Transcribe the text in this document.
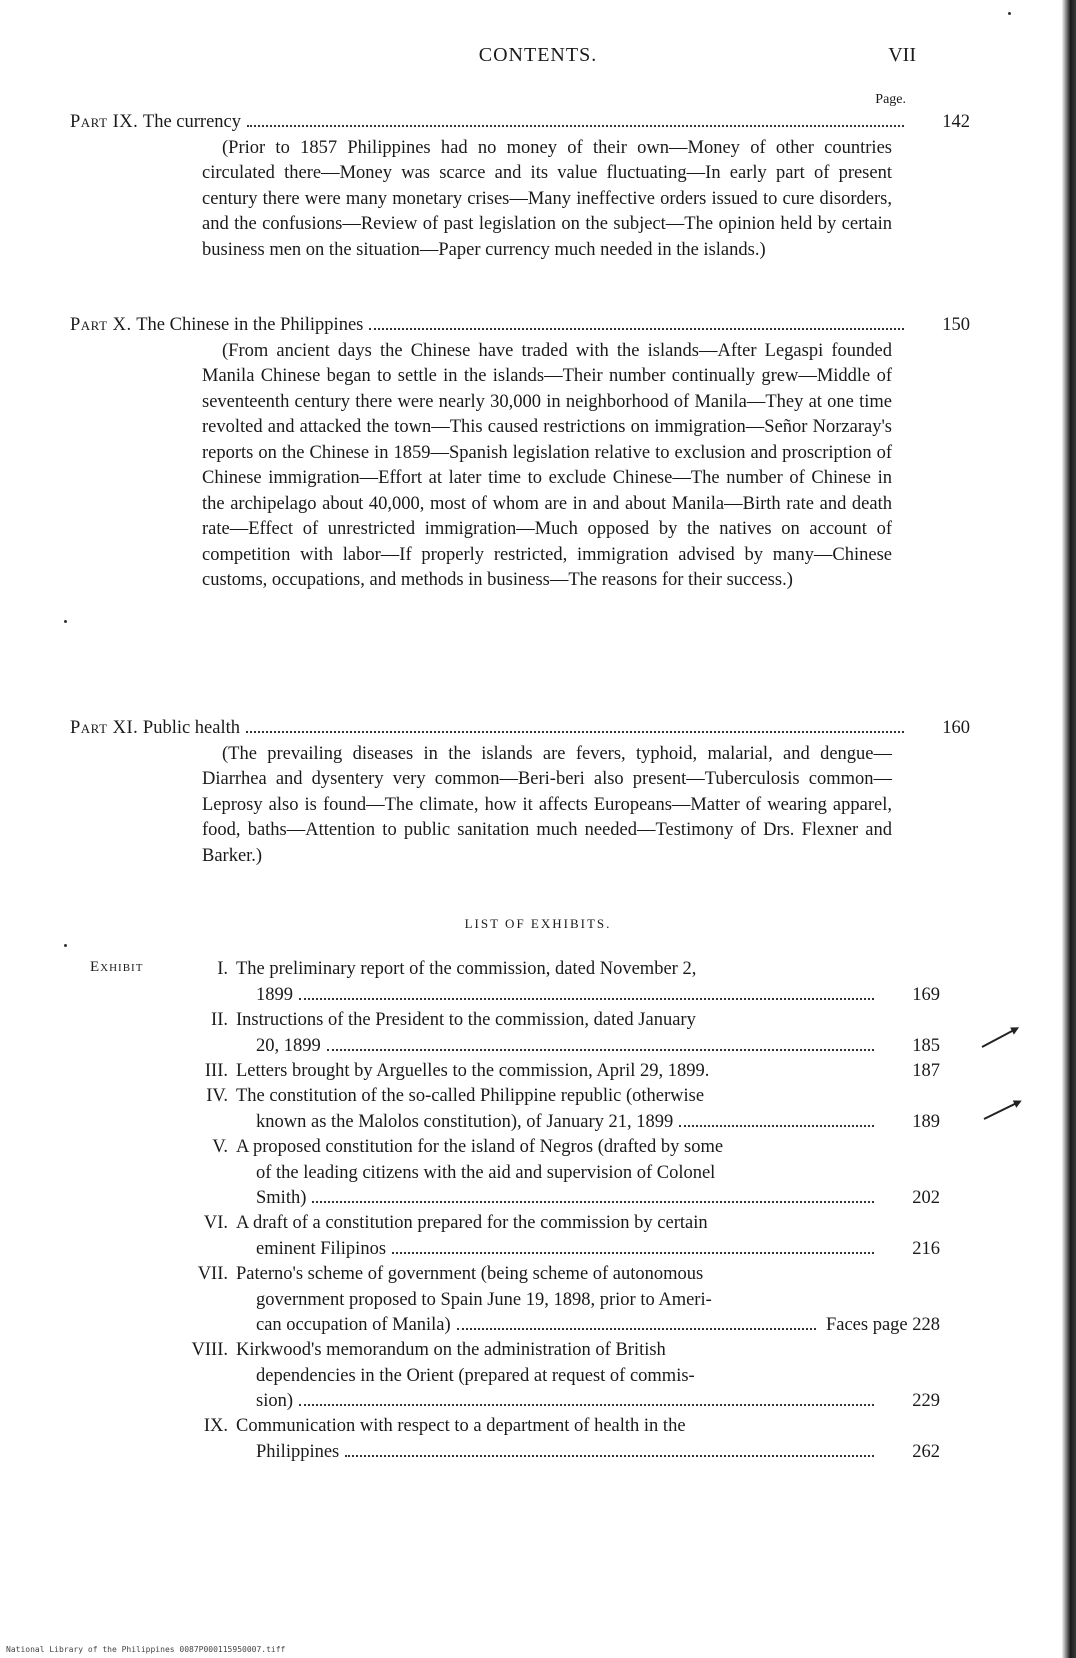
CONTENTS.	VII
Page.
Part IX.
The currency	142
(Prior to 1857 Philippines had no money of their own—Money of other countries circulated there—Money was scarce and its value fluctuating—In early part of present century there were many monetary crises—Many ineffective orders issued to cure disorders, and the confusions—Review of past legislation on the subject—The opinion held by certain business men on the situation—Paper currency much needed in the islands.)
Part X.
The Chinese in the Philippines	150
(From ancient days the Chinese have traded with the islands—After Legaspi founded Manila Chinese began to settle in the islands—Their number continually grew—Middle of seventeenth century there were nearly 30,000 in neighborhood of Manila—They at one time revolted and attacked the town—This caused restrictions on immigration—Señor Norzaray's reports on the Chinese in 1859—Spanish legislation relative to exclusion and proscription of Chinese immigration—Effort at later time to exclude Chinese—The number of Chinese in the archipelago about 40,000, most of whom are in and about Manila—Birth rate and death rate—Effect of unrestricted immigration—Much opposed by the natives on account of competition with labor—If properly restricted, immigration advised by many—Chinese customs, occupations, and methods in business—The reasons for their success.)
Part XI.
Public health	160
(The prevailing diseases in the islands are fevers, typhoid, malarial, and dengue—Diarrhea and dysentery very common—Beri-beri also present—Tuberculosis common—Leprosy also is found—The climate, how it affects Europeans—Matter of wearing apparel, food, baths—Attention to public sanitation much needed—Testimony of Drs. Flexner and Barker.)
LIST OF EXHIBITS.
Exhibit	I. The preliminary report of the commission, dated November 2,
1899	169
II. Instructions of the President to the commission, dated January
20, 1899	185
III. Letters brought by Arguelles to the commission, April 29, 1899.	187
IV. The constitution of the so-called Philippine republic (otherwise
known as the Malolos constitution), of January 21, 1899	189
V. A proposed constitution for the island of Negros (drafted by some
of the leading citizens with the aid and supervision of Colonel
Smith)	202
VI. A draft of a constitution prepared for the commission by certain
eminent Filipinos	216
VII. Paterno's scheme of government (being scheme of autonomous
government proposed to Spain June 19, 1898, prior to Ameri-
can occupation of Manila)	Faces page 228
VIII. Kirkwood's memorandum on the administration of British
dependencies in the Orient (prepared at request of commis-
sion)	229
IX. Communication with respect to a department of health in the
Philippines	262
National Library of the Philippines 0087P000115950007.tiff
